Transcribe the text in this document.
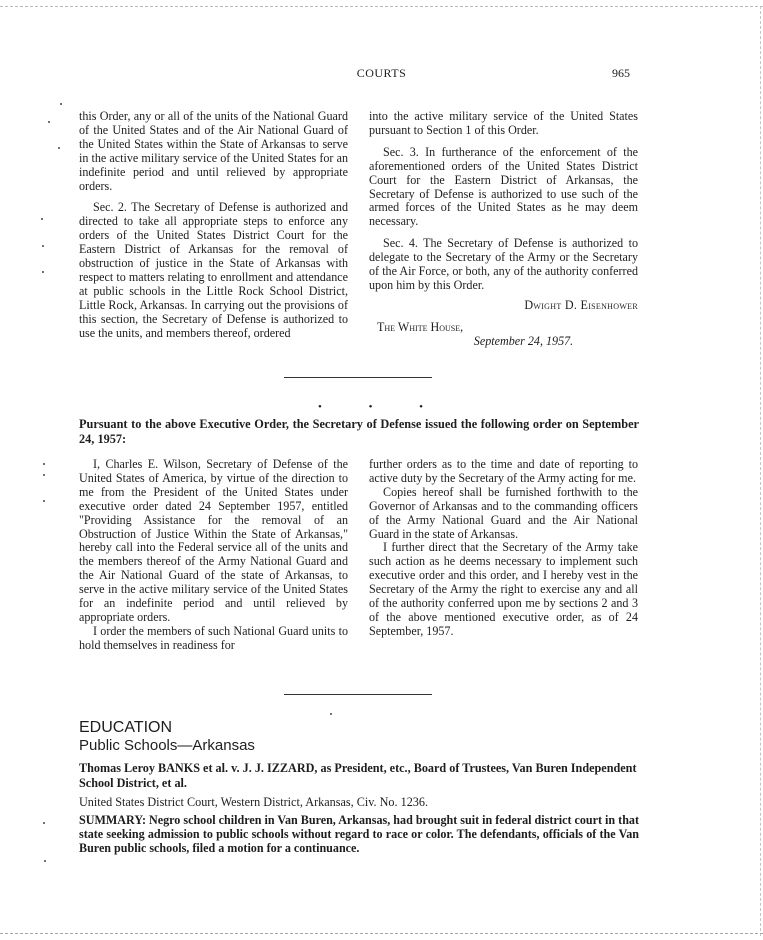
COURTS	965

this Order, any or all of the units of the National Guard of the United States and of the Air National Guard of the United States within the State of Arkansas to serve in the active military service of the United States for an indefinite period and until relieved by appropriate orders.

Sec. 2. The Secretary of Defense is authorized and directed to take all appropriate steps to enforce any orders of the United States District Court for the Eastern District of Arkansas for the removal of obstruction of justice in the State of Arkansas with respect to matters relating to enrollment and attendance at public schools in the Little Rock School District, Little Rock, Arkansas. In carrying out the provisions of this section, the Secretary of Defense is authorized to use the units, and members thereof, ordered

into the active military service of the United States pursuant to Section 1 of this Order.

Sec. 3. In furtherance of the enforcement of the aforementioned orders of the United States District Court for the Eastern District of Arkansas, the Secretary of Defense is authorized to use such of the armed forces of the United States as he may deem necessary.

Sec. 4. The Secretary of Defense is authorized to delegate to the Secretary of the Army or the Secretary of the Air Force, or both, any of the authority conferred upon him by this Order.

Dwight D. Eisenhower
The White House,
September 24, 1957.
• • •
Pursuant to the above Executive Order, the Secretary of Defense issued the following order on September 24, 1957:

I, Charles E. Wilson, Secretary of Defense of the United States of America, by virtue of the direction to me from the President of the United States under executive order dated 24 September 1957, entitled "Providing Assistance for the removal of an Obstruction of Justice Within the State of Arkansas," hereby call into the Federal service all of the units and the members thereof of the Army National Guard and the Air National Guard of the state of Arkansas, to serve in the active military service of the United States for an indefinite period and until relieved by appropriate orders.

I order the members of such National Guard units to hold themselves in readiness for

further orders as to the time and date of reporting to active duty by the Secretary of the Army acting for me.

Copies hereof shall be furnished forthwith to the Governor of Arkansas and to the commanding officers of the Army National Guard and the Air National Guard in the state of Arkansas.

I further direct that the Secretary of the Army take such action as he deems necessary to implement such executive order and this order, and I hereby vest in the Secretary of the Army the right to exercise any and all of the authority conferred upon me by sections 2 and 3 of the above mentioned executive order, as of 24 September, 1957.

EDUCATION
Public Schools—Arkansas
Thomas Leroy BANKS et al. v. J. J. IZZARD, as President, etc., Board of Trustees, Van Buren Independent School District, et al.
United States District Court, Western District, Arkansas, Civ. No. 1236.
SUMMARY: Negro school children in Van Buren, Arkansas, had brought suit in federal district court in that state seeking admission to public schools without regard to race or color. The defendants, officials of the Van Buren public schools, filed a motion for a continuance.
